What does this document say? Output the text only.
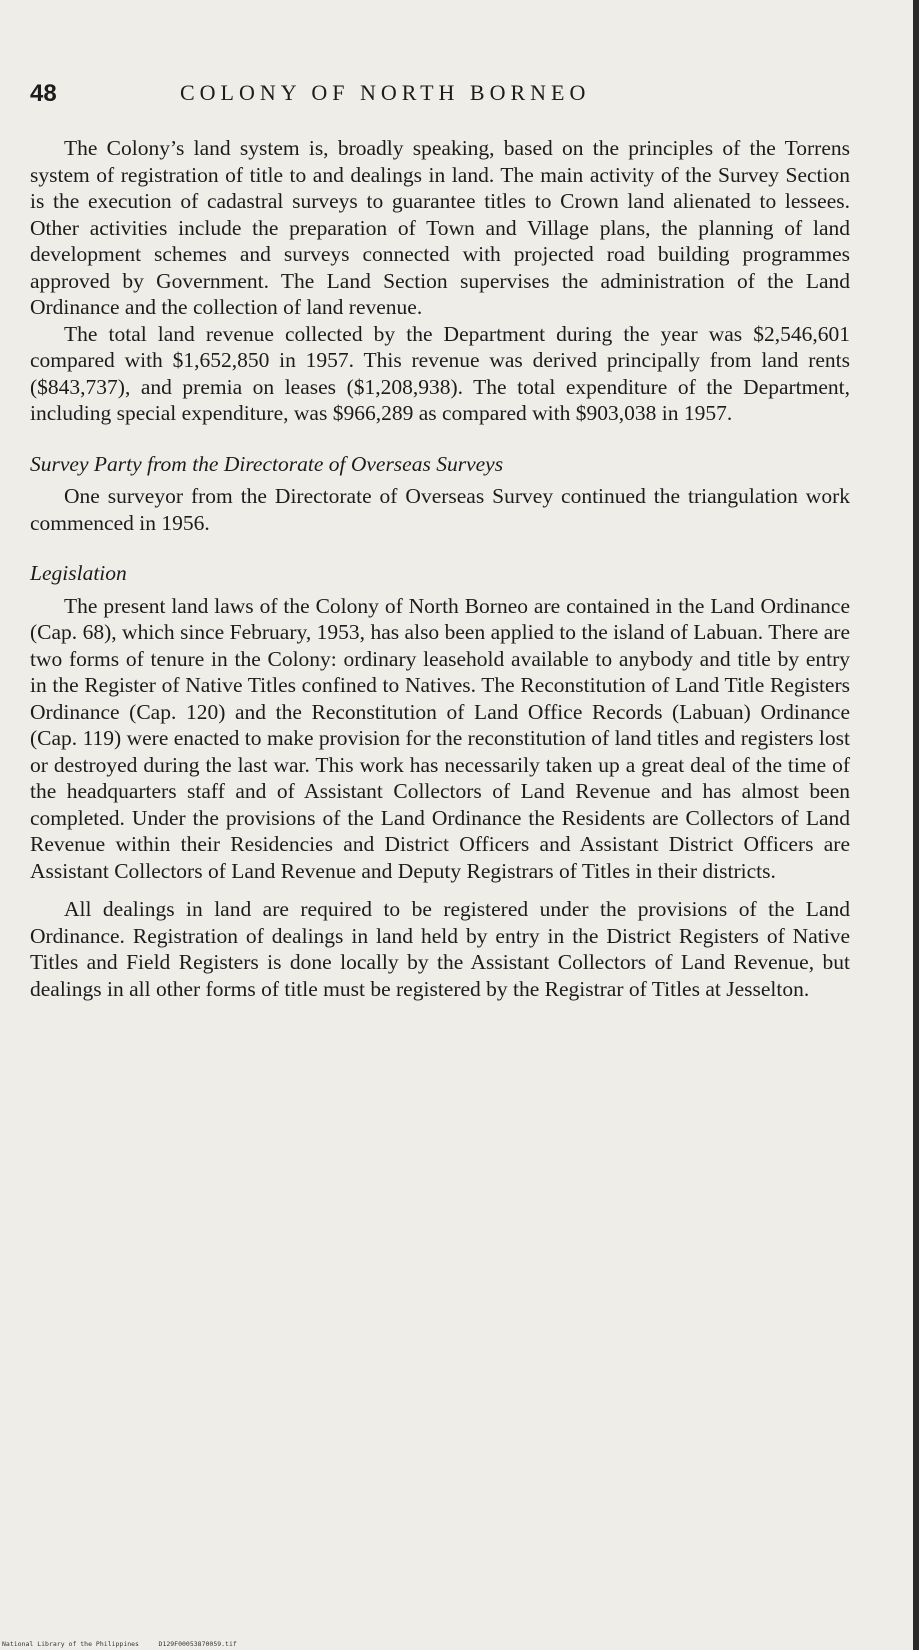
48	COLONY OF NORTH BORNEO

The Colony’s land system is, broadly speaking, based on the principles of the Torrens system of registration of title to and dealings in land. The main activity of the Survey Section is the execution of cadastral surveys to guarantee titles to Crown land alienated to lessees. Other activities include the preparation of Town and Village plans, the planning of land development schemes and surveys connected with projected road building programmes approved by Government. The Land Section supervises the administration of the Land Ordinance and the collection of land revenue.

The total land revenue collected by the Department during the year was $2,546,601 compared with $1,652,850 in 1957. This revenue was derived principally from land rents ($843,737), and premia on leases ($1,208,938). The total expenditure of the Department, including special expenditure, was $966,289 as compared with $903,038 in 1957.

Survey Party from the Directorate of Overseas Surveys

One surveyor from the Directorate of Overseas Survey continued the triangulation work commenced in 1956.

Legislation

The present land laws of the Colony of North Borneo are contained in the Land Ordinance (Cap. 68), which since February, 1953, has also been applied to the island of Labuan. There are two forms of tenure in the Colony: ordinary leasehold available to anybody and title by entry in the Register of Native Titles confined to Natives. The Reconstitution of Land Title Registers Ordinance (Cap. 120) and the Reconstitution of Land Office Records (Labuan) Ordinance (Cap. 119) were enacted to make provision for the reconstitution of land titles and registers lost or destroyed during the last war. This work has necessarily taken up a great deal of the time of the headquarters staff and of Assistant Collectors of Land Revenue and has almost been completed. Under the provisions of the Land Ordinance the Residents are Collectors of Land Revenue within their Residencies and District Officers and Assistant District Officers are Assistant Collectors of Land Revenue and Deputy Registrars of Titles in their districts.

All dealings in land are required to be registered under the provisions of the Land Ordinance. Registration of dealings in land held by entry in the District Registers of Native Titles and Field Registers is done locally by the Assistant Collectors of Land Revenue, but dealings in all other forms of title must be registered by the Registrar of Titles at Jesselton.

National Library of the Philippines     D129F00053870059.tif
